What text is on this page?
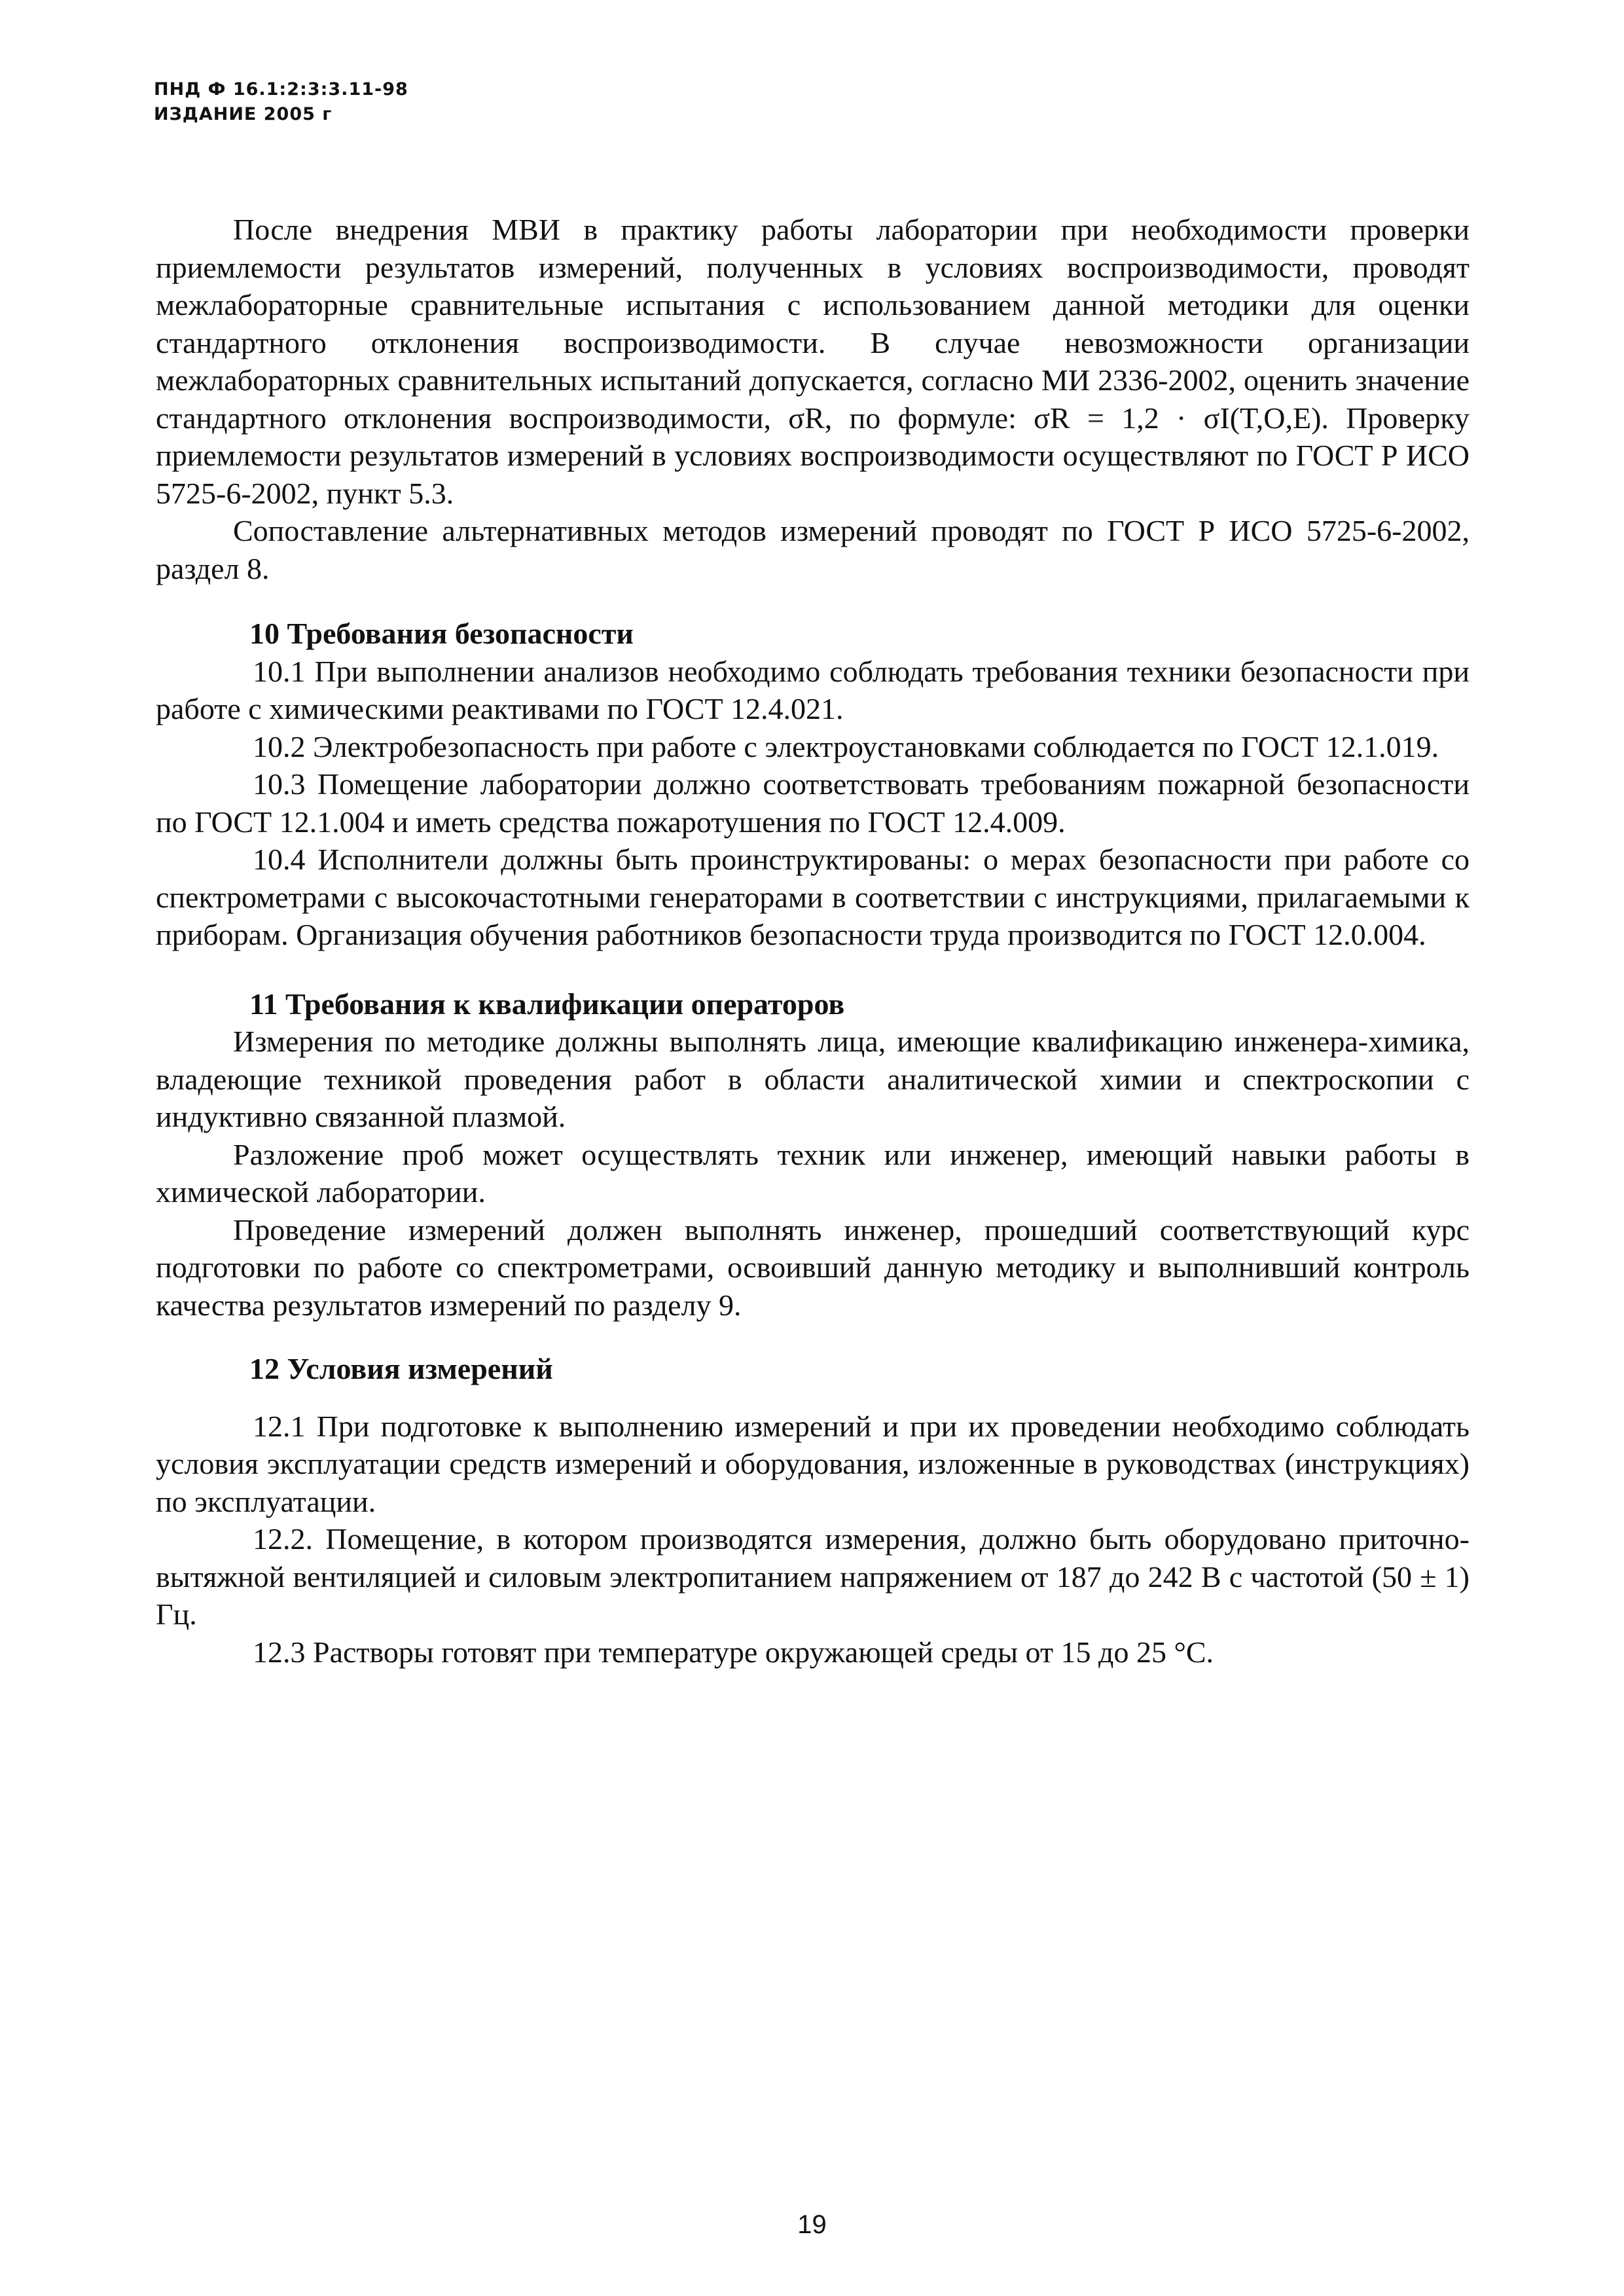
ПНД Ф 16.1:2:3:3.11-98
ИЗДАНИЕ 2005 г

После внедрения МВИ в практику работы лаборатории при необходимости проверки приемлемости результатов измерений, полученных в условиях воспроизводимости, проводят межлабораторные сравнительные испытания с использованием данной методики для оценки стандартного отклонения воспроизводимости. В случае невозможности организации межлабораторных сравнительных испытаний допускается, согласно МИ 2336-2002, оценить значение стандартного отклонения воспроизводимости, σR, по формуле: σR = 1,2 · σI(T,O,E). Проверку приемлемости результатов измерений в условиях воспроизводимости осуществляют по ГОСТ Р ИСО 5725-6-2002, пункт 5.3.

Сопоставление альтернативных методов измерений проводят по ГОСТ Р ИСО 5725-6-2002, раздел 8.

10 Требования безопасности

10.1 При выполнении анализов необходимо соблюдать требования техники безопасности при работе с химическими реактивами по ГОСТ 12.4.021.

10.2 Электробезопасность при работе с электроустановками соблюдается по ГОСТ 12.1.019.

10.3 Помещение лаборатории должно соответствовать требованиям пожарной безопасности по ГОСТ 12.1.004 и иметь средства пожаротушения по ГОСТ 12.4.009.

10.4 Исполнители должны быть проинструктированы: о мерах безопасности при работе со спектрометрами с высокочастотными генераторами в соответствии с инструкциями, прилагаемыми к приборам. Организация обучения работников безопасности труда производится по ГОСТ 12.0.004.

11 Требования к квалификации операторов

Измерения по методике должны выполнять лица, имеющие квалификацию инженера-химика, владеющие техникой проведения работ в области аналитической химии и спектроскопии с индуктивно связанной плазмой.

Разложение проб может осуществлять техник или инженер, имеющий навыки работы в химической лаборатории.

Проведение измерений должен выполнять инженер, прошедший соответствующий курс подготовки по работе со спектрометрами, освоивший данную методику и выполнивший контроль качества результатов измерений по разделу 9.

12 Условия измерений

12.1 При подготовке к выполнению измерений и при их проведении необходимо соблюдать условия эксплуатации средств измерений и оборудования, изложенные в руководствах (инструкциях) по эксплуатации.

12.2. Помещение, в котором производятся измерения, должно быть оборудовано приточно-вытяжной вентиляцией и силовым электропитанием напряжением от 187 до 242 В с частотой (50 ± 1) Гц.

12.3 Растворы готовят при температуре окружающей среды от 15 до 25 °С.

19
